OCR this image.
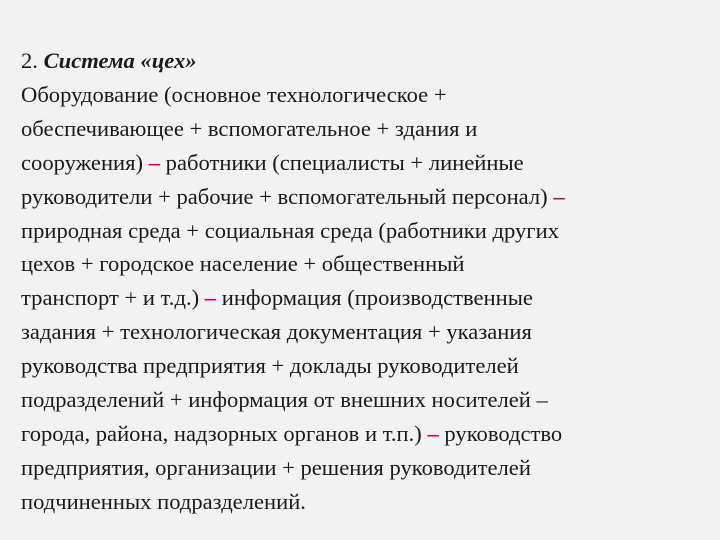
2. Система «цех»
Оборудование (основное технологическое +
обеспечивающее + вспомогательное + здания и
сооружения) – работники (специалисты + линейные
руководители + рабочие + вспомогательный персонал) –
природная среда + социальная среда (работники других
цехов + городское население + общественный
транспорт + и т.д.) – информация (производственные
задания + технологическая документация + указания
руководства предприятия + доклады руководителей
подразделений + информация от внешних носителей –
города, района, надзорных органов и т.п.) – руководство
предприятия, организации + решения руководителей
подчиненных подразделений.
